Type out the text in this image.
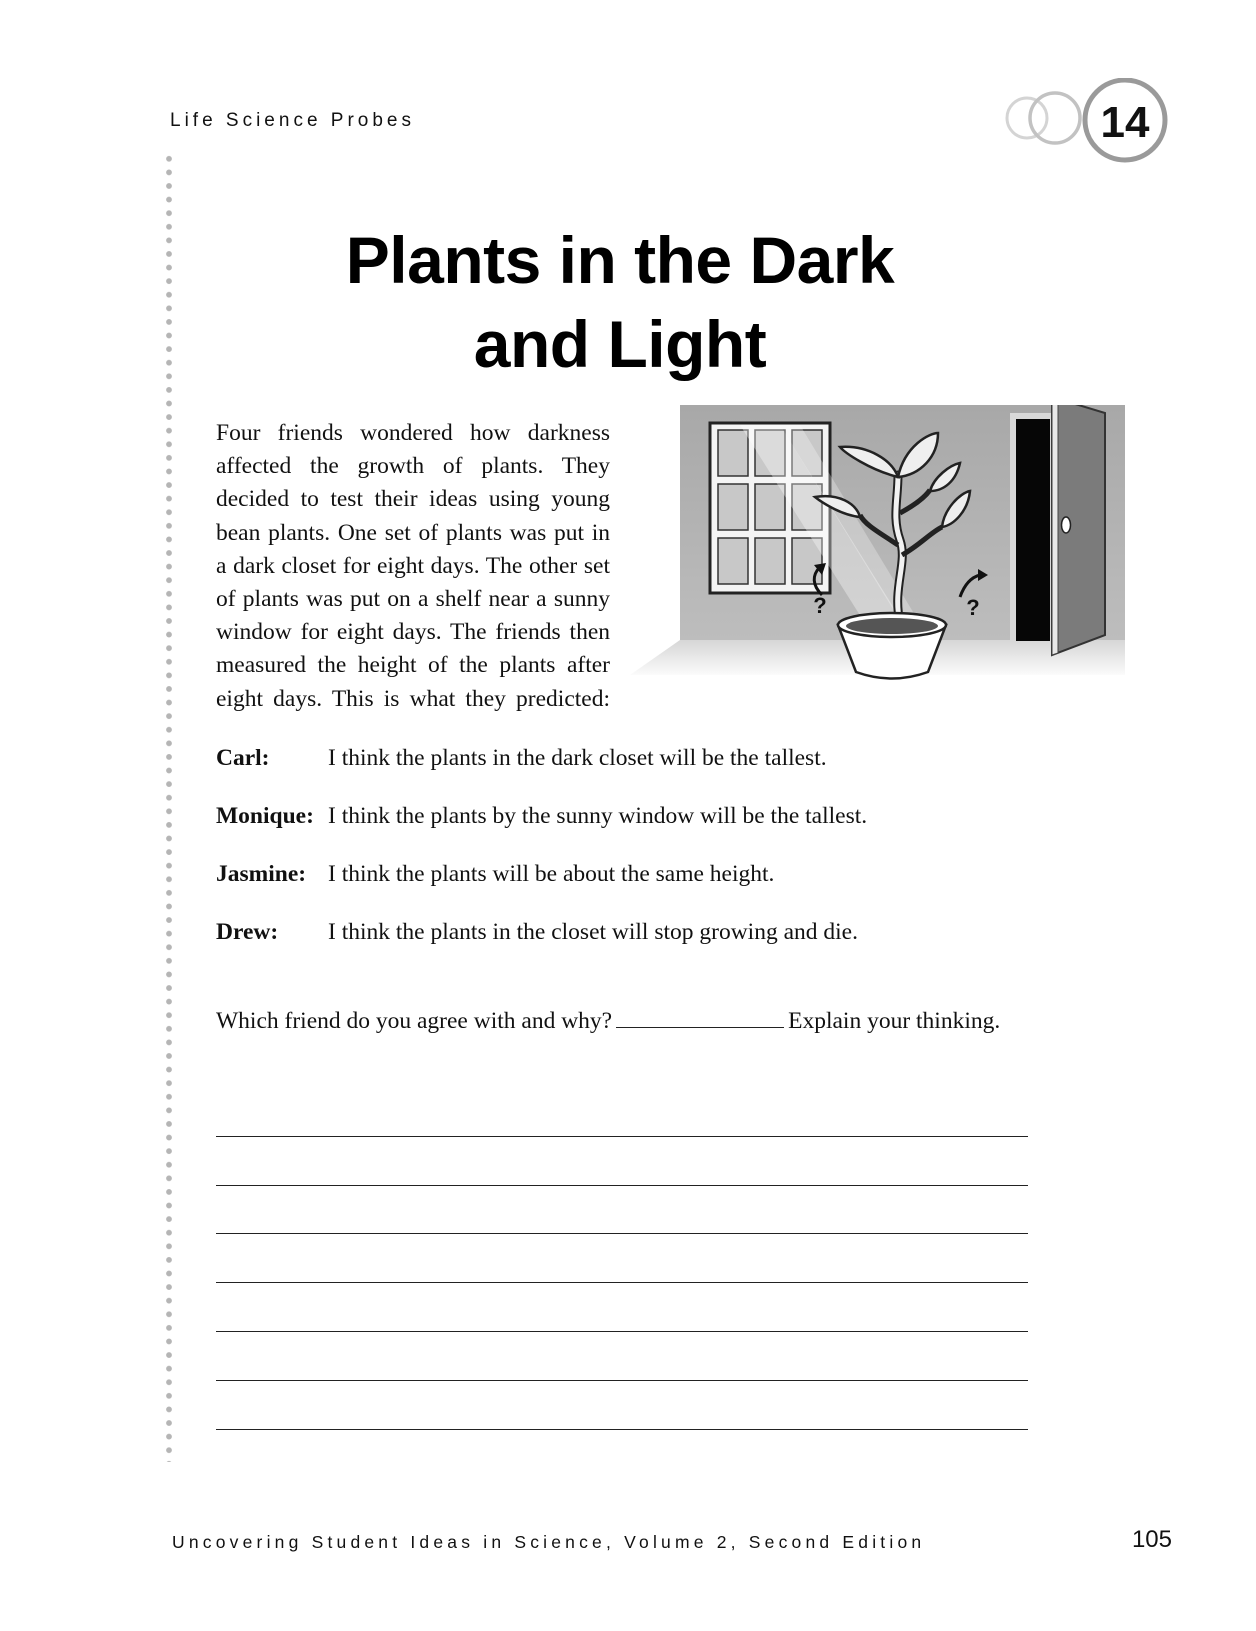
Life Science Probes	14
Plants in the Dark
and Light

Four friends wondered how darkness affected the growth of plants. They decided to test their ideas using young bean plants. One set of plants was put in a dark closet for eight days. The other set of plants was put on a shelf near a sunny window for eight days. The friends then measured the height of the plants after eight days. This is what they predicted:

?	?
Carl: I think the plants in the dark closet will be the tallest.
Monique: I think the plants by the sunny window will be the tallest.
Jasmine: I think the plants will be about the same height.
Drew: I think the plants in the closet will stop growing and die.
Which friend do you agree with and why?	Explain your thinking.
Uncovering Student Ideas in Science, Volume 2, Second Edition	105
